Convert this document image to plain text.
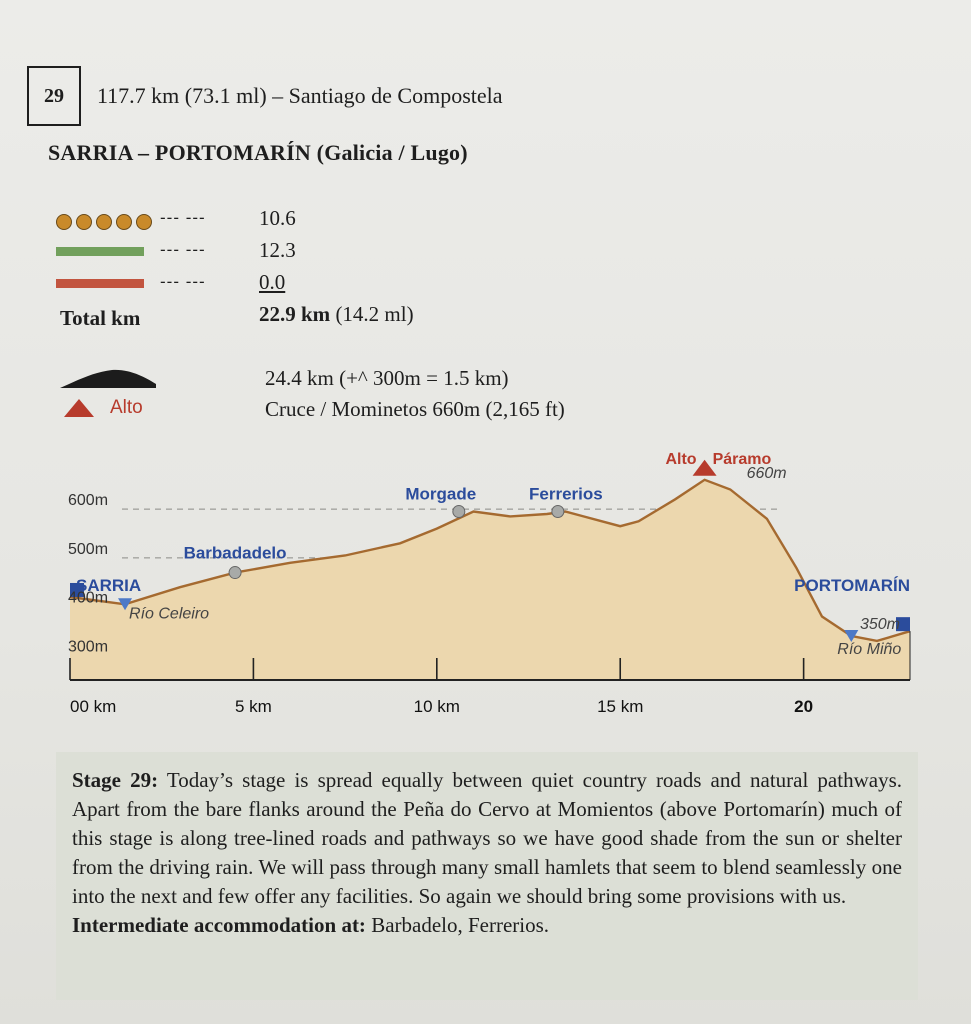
29 117.7 km (73.1 ml) – Santiago de Compostela
SARRIA – PORTOMARÍN (Galicia / Lugo)
--- ---	10.6
--- ---	12.3
--- ---	0.0
Total km	22.9 km (14.2 ml)
24.4 km (+^ 300m = 1.5 km)
Alto	Cruce / Mominetos 660m (2,165 ft)
600m
500m
400m
300m
00 km	5 km	10 km	15 km	20
SARRIA
Río Celeiro
Barbadadelo
Morgade	Ferrerios
Alto Páramo
660m
PORTOMARÍN
350m
Río Miño

Stage 29: Today’s stage is spread equally between quiet country roads and natural pathways. Apart from the bare flanks around the Peña do Cervo at Momientos (above Portomarín) much of this stage is along tree-lined roads and pathways so we have good shade from the sun or shelter from the driving rain. We will pass through many small hamlets that seem to blend seamlessly one into the next and few offer any facilities. So again we should bring some provisions with us.
Intermediate accommodation at: Barbadelo, Ferrerios.
